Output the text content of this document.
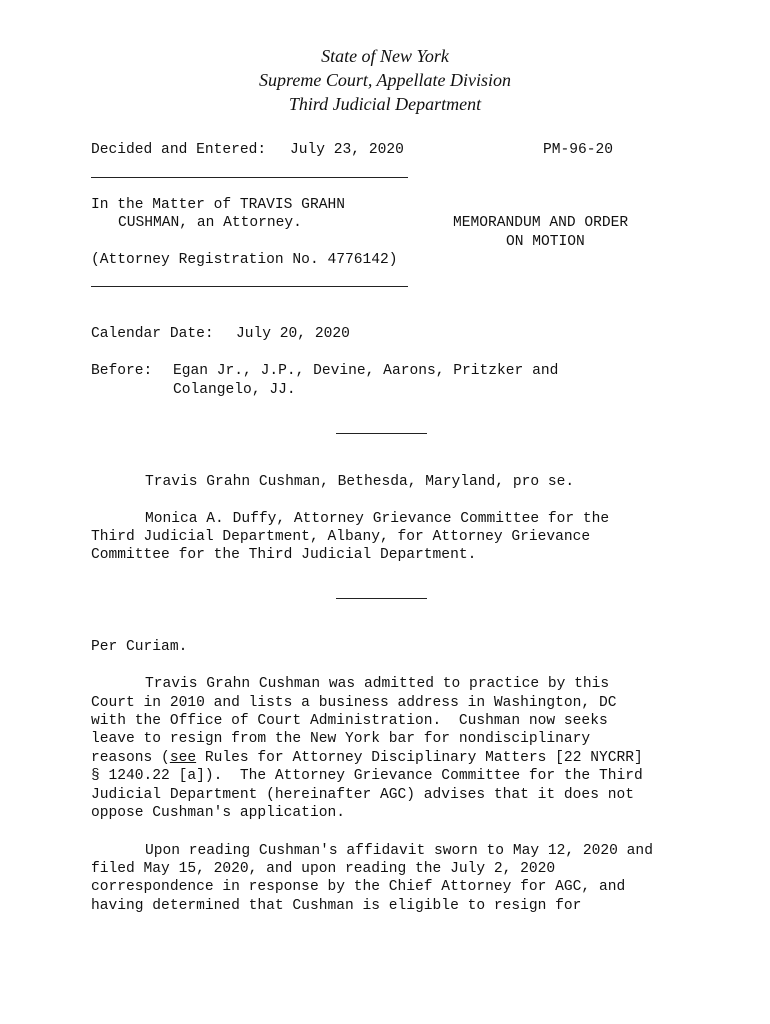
State of New York
Supreme Court, Appellate Division
Third Judicial Department
Decided and Entered: July 23, 2020	PM-96-20
In the Matter of TRAVIS GRAHN
CUSHMAN, an Attorney.	MEMORANDUM AND ORDER
ON MOTION
(Attorney Registration No. 4776142)
Calendar Date: July 20, 2020
Before: Egan Jr., J.P., Devine, Aarons, Pritzker and
Colangelo, JJ.
Travis Grahn Cushman, Bethesda, Maryland, pro se.
Monica A. Duffy, Attorney Grievance Committee for the
Third Judicial Department, Albany, for Attorney Grievance
Committee for the Third Judicial Department.
Per Curiam.
Travis Grahn Cushman was admitted to practice by this
Court in 2010 and lists a business address in Washington, DC
with the Office of Court Administration.  Cushman now seeks
leave to resign from the New York bar for nondisciplinary
reasons (see Rules for Attorney Disciplinary Matters [22 NYCRR]
§ 1240.22 [a]).  The Attorney Grievance Committee for the Third
Judicial Department (hereinafter AGC) advises that it does not
oppose Cushman's application.
Upon reading Cushman's affidavit sworn to May 12, 2020 and
filed May 15, 2020, and upon reading the July 2, 2020
correspondence in response by the Chief Attorney for AGC, and
having determined that Cushman is eligible to resign for
